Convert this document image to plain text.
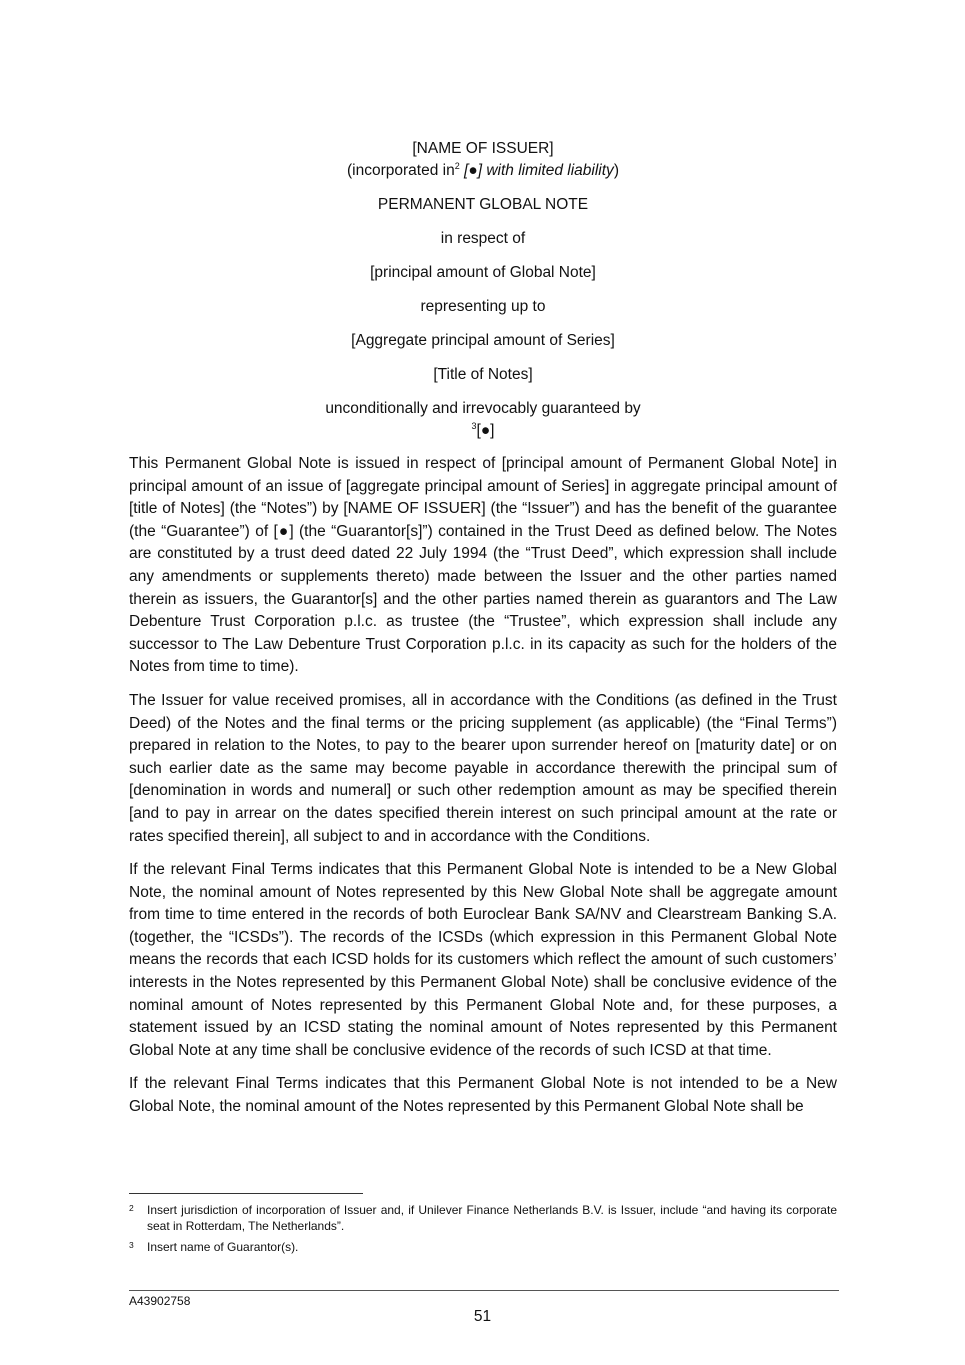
[NAME OF ISSUER]

(incorporated $in^2$ [●] with limited liability)

PERMANENT GLOBAL NOTE

in respect of

[principal amount of Global Note]

representing up to

[Aggregate principal amount of Series]

[Title of Notes]

unconditionally and irrevocably guaranteed by

$^3$[●]

This Permanent Global Note is issued in respect of [principal amount of Permanent Global Note] in principal amount of an issue of [aggregate principal amount of Series] in aggregate principal amount of [title of Notes] (the “Notes”) by [NAME OF ISSUER] (the “Issuer”) and has the benefit of the guarantee (the “Guarantee”) of [●] (the “Guarantor[s]”) contained in the Trust Deed as defined below. The Notes are constituted by a trust deed dated 22 July 1994 (the “Trust Deed”, which expression shall include any amendments or supplements thereto) made between the Issuer and the other parties named therein as issuers, the Guarantor[s] and the other parties named therein as guarantors and The Law Debenture Trust Corporation p.l.c. as trustee (the “Trustee”, which expression shall include any successor to The Law Debenture Trust Corporation p.l.c. in its capacity as such for the holders of the Notes from time to time).

The Issuer for value received promises, all in accordance with the Conditions (as defined in the Trust Deed) of the Notes and the final terms or the pricing supplement (as applicable) (the “Final Terms”) prepared in relation to the Notes, to pay to the bearer upon surrender hereof on [maturity date] or on such earlier date as the same may become payable in accordance therewith the principal sum of [denomination in words and numeral] or such other redemption amount as may be specified therein [and to pay in arrear on the dates specified therein interest on such principal amount at the rate or rates specified therein], all subject to and in accordance with the Conditions.

If the relevant Final Terms indicates that this Permanent Global Note is intended to be a New Global Note, the nominal amount of Notes represented by this New Global Note shall be aggregate amount from time to time entered in the records of both Euroclear Bank SA/NV and Clearstream Banking S.A. (together, the “ICSDs”). The records of the ICSDs (which expression in this Permanent Global Note means the records that each ICSD holds for its customers which reflect the amount of such customers’ interests in the Notes represented by this Permanent Global Note) shall be conclusive evidence of the nominal amount of Notes represented by this Permanent Global Note and, for these purposes, a statement issued by an ICSD stating the nominal amount of Notes represented by this Permanent Global Note at any time shall be conclusive evidence of the records of such ICSD at that time.

If the relevant Final Terms indicates that this Permanent Global Note is not intended to be a New Global Note, the nominal amount of the Notes represented by this Permanent Global Note shall be

2	Insert jurisdiction of incorporation of Issuer and, if Unilever Finance Netherlands B.V. is Issuer, include “and having its corporate seat in Rotterdam, The Netherlands”.
3	Insert name of Guarantor(s).
A43902758
51
